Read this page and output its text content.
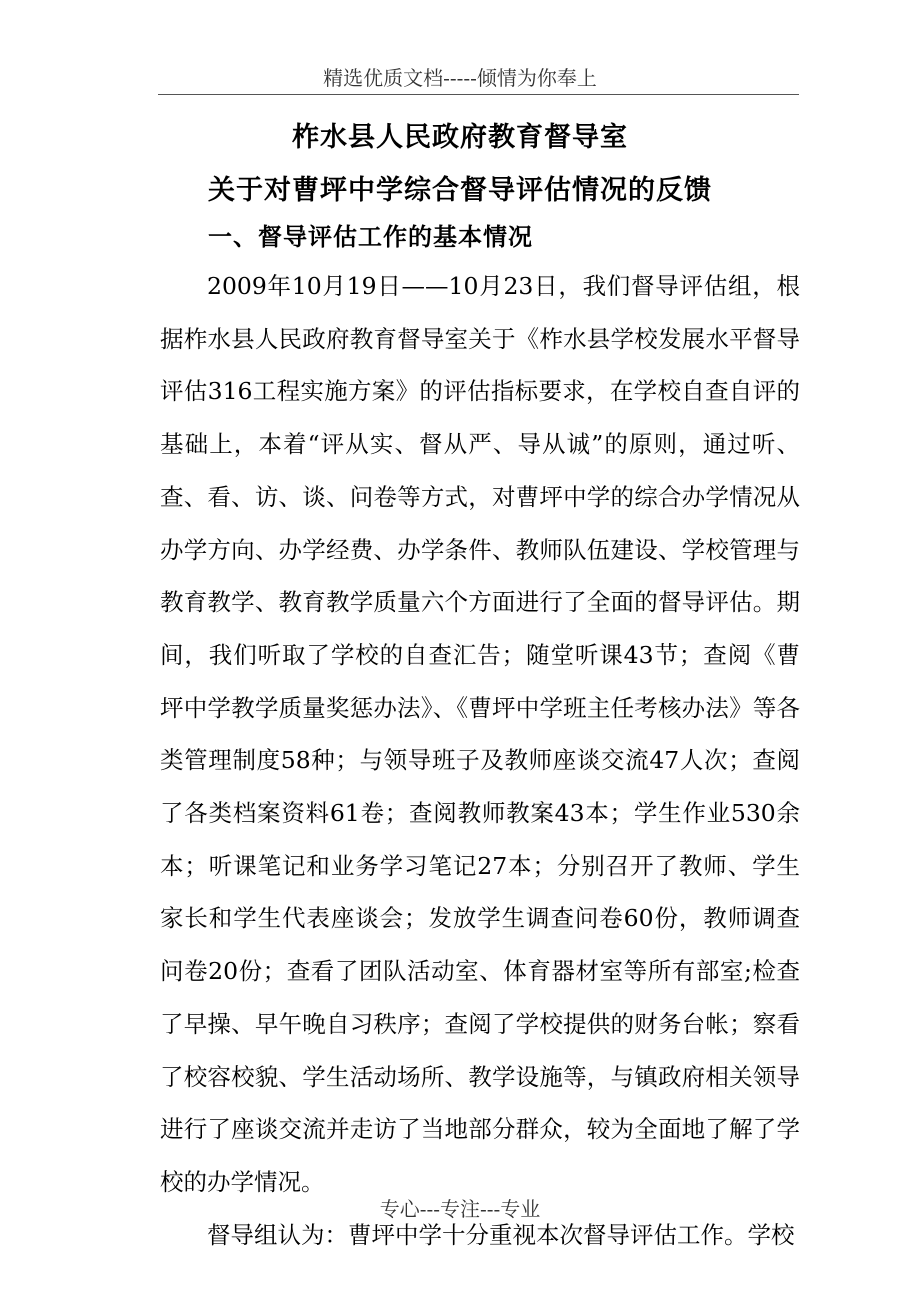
精选优质文档-----倾情为你奉上
柞水县人民政府教育督导室
关于对曹坪中学综合督导评估情况的反馈
一、督导评估工作的基本情况

2009年10月19日——10月23日，我们督导评估组，根据柞水县人民政府教育督导室关于《柞水县学校发展水平督导评估316工程实施方案》的评估指标要求，在学校自查自评的基础上，本着“评从实、督从严、导从诚”的原则，通过听、查、看、访、谈、问卷等方式，对曹坪中学的综合办学情况从办学方向、办学经费、办学条件、教师队伍建设、学校管理与教育教学、教育教学质量六个方面进行了全面的督导评估。期间，我们听取了学校的自查汇告；随堂听课43节；查阅《曹坪中学教学质量奖惩办法》、《曹坪中学班主任考核办法》等各类管理制度58种；与领导班子及教师座谈交流47人次；查阅了各类档案资料61卷；查阅教师教案43本；学生作业530余本；听课笔记和业务学习笔记27本；分别召开了教师、学生家长和学生代表座谈会；发放学生调查问卷60份，教师调查问卷20份；查看了团队活动室、体育器材室等所有部室;检查了早操、早午晚自习秩序；查阅了学校提供的财务台帐；察看了校容校貌、学生活动场所、教学设施等，与镇政府相关领导进行了座谈交流并走访了当地部分群众，较为全面地了解了学校的办学情况。

督导组认为：曹坪中学十分重视本次督导评估工作。学校

专心---专注---专业
